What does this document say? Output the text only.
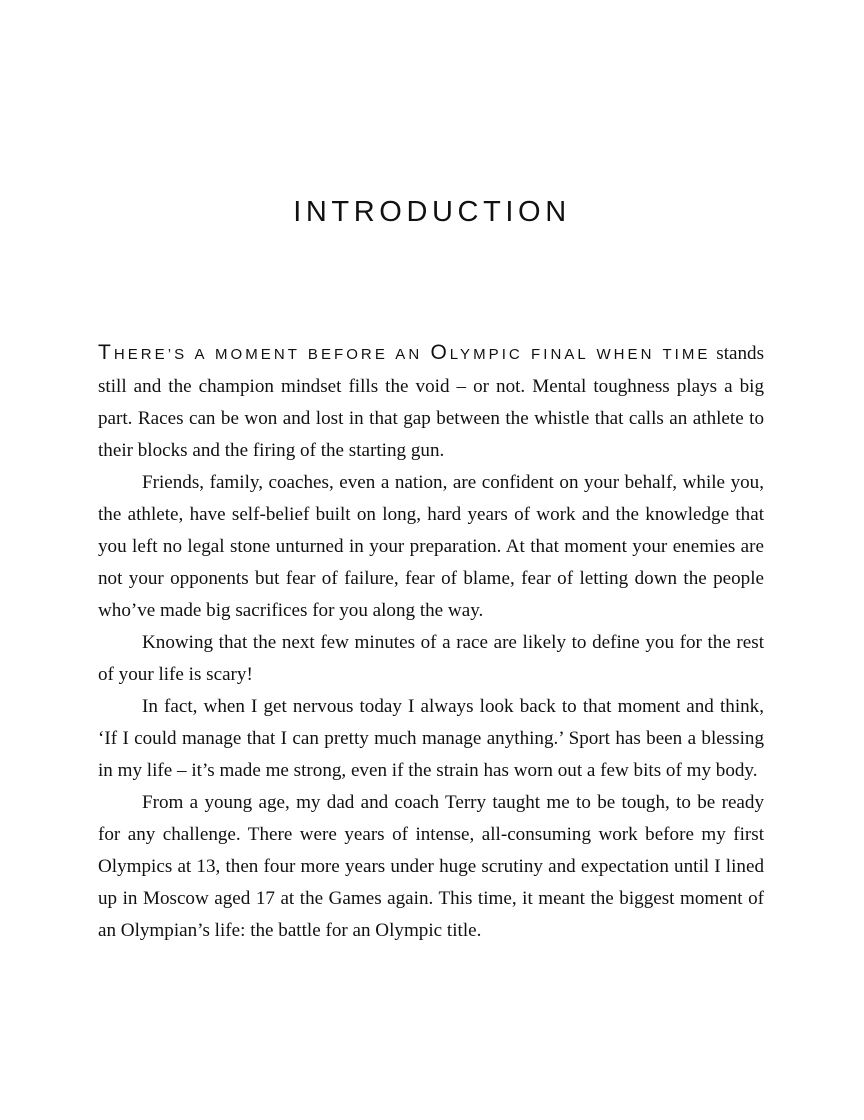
INTRODUCTION

THERE’S A MOMENT BEFORE AN OLYMPIC FINAL WHEN TIME stands still and the champion mindset fills the void – or not. Mental toughness plays a big part. Races can be won and lost in that gap between the whistle that calls an athlete to their blocks and the firing of the starting gun.

Friends, family, coaches, even a nation, are confident on your behalf, while you, the athlete, have self-belief built on long, hard years of work and the knowledge that you left no legal stone unturned in your preparation. At that moment your enemies are not your opponents but fear of failure, fear of blame, fear of letting down the people who’ve made big sacrifices for you along the way.

Knowing that the next few minutes of a race are likely to define you for the rest of your life is scary!

In fact, when I get nervous today I always look back to that moment and think, ‘If I could manage that I can pretty much manage anything.’ Sport has been a blessing in my life – it’s made me strong, even if the strain has worn out a few bits of my body.

From a young age, my dad and coach Terry taught me to be tough, to be ready for any challenge. There were years of intense, all-consuming work before my first Olympics at 13, then four more years under huge scrutiny and expectation until I lined up in Moscow aged 17 at the Games again. This time, it meant the biggest moment of an Olympian’s life: the battle for an Olympic title.
